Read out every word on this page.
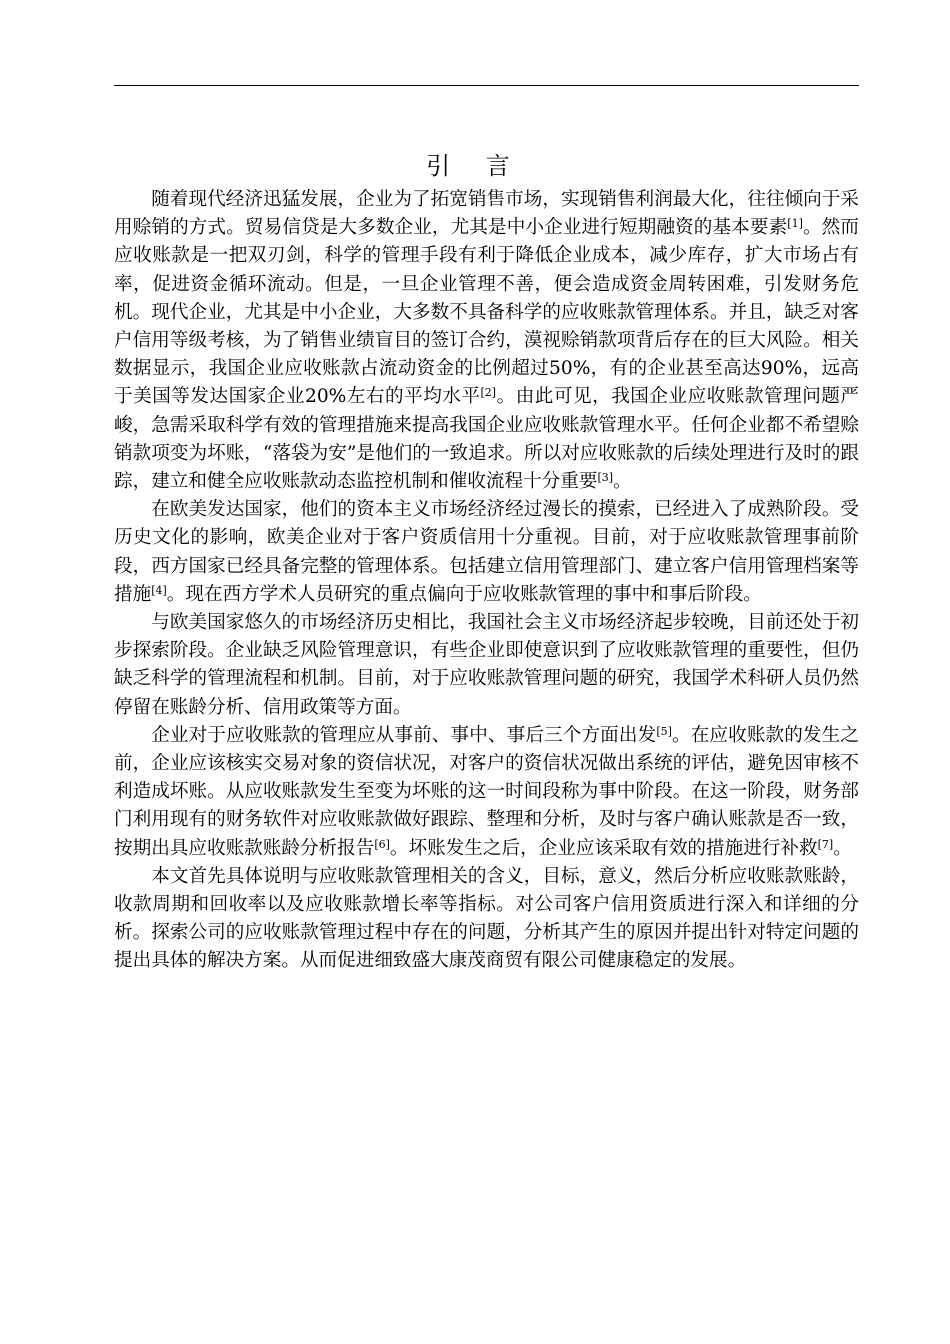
引 言

随着现代经济迅猛发展，企业为了拓宽销售市场，实现销售利润最大化，往往倾向于采用赊销的方式。贸易信贷是大多数企业，尤其是中小企业进行短期融资的基本要素[1]。然而应收账款是一把双刃剑，科学的管理手段有利于降低企业成本，减少库存，扩大市场占有率，促进资金循环流动。但是，一旦企业管理不善，便会造成资金周转困难，引发财务危机。现代企业，尤其是中小企业，大多数不具备科学的应收账款管理体系。并且，缺乏对客户信用等级考核，为了销售业绩盲目的签订合约，漠视赊销款项背后存在的巨大风险。相关数据显示，我国企业应收账款占流动资金的比例超过50%，有的企业甚至高达90%，远高于美国等发达国家企业20%左右的平均水平[2]。由此可见，我国企业应收账款管理问题严峻，急需采取科学有效的管理措施来提高我国企业应收账款管理水平。任何企业都不希望赊销款项变为坏账，“落袋为安”是他们的一致追求。所以对应收账款的后续处理进行及时的跟踪，建立和健全应收账款动态监控机制和催收流程十分重要[3]。

在欧美发达国家，他们的资本主义市场经济经过漫长的摸索，已经进入了成熟阶段。受历史文化的影响，欧美企业对于客户资质信用十分重视。目前，对于应收账款管理事前阶段，西方国家已经具备完整的管理体系。包括建立信用管理部门、建立客户信用管理档案等措施[4]。现在西方学术人员研究的重点偏向于应收账款管理的事中和事后阶段。

与欧美国家悠久的市场经济历史相比，我国社会主义市场经济起步较晚，目前还处于初步探索阶段。企业缺乏风险管理意识，有些企业即使意识到了应收账款管理的重要性，但仍缺乏科学的管理流程和机制。目前，对于应收账款管理问题的研究，我国学术科研人员仍然停留在账龄分析、信用政策等方面。

企业对于应收账款的管理应从事前、事中、事后三个方面出发[5]。在应收账款的发生之前，企业应该核实交易对象的资信状况，对客户的资信状况做出系统的评估，避免因审核不利造成坏账。从应收账款发生至变为坏账的这一时间段称为事中阶段。在这一阶段，财务部门利用现有的财务软件对应收账款做好跟踪、整理和分析，及时与客户确认账款是否一致，按期出具应收账款账龄分析报告[6]。坏账发生之后，企业应该采取有效的措施进行补救[7]。

本文首先具体说明与应收账款管理相关的含义，目标，意义，然后分析应收账款账龄，收款周期和回收率以及应收账款增长率等指标。对公司客户信用资质进行深入和详细的分析。探索公司的应收账款管理过程中存在的问题，分析其产生的原因并提出针对特定问题的提出具体的解决方案。从而促进细致盛大康茂商贸有限公司健康稳定的发展。
